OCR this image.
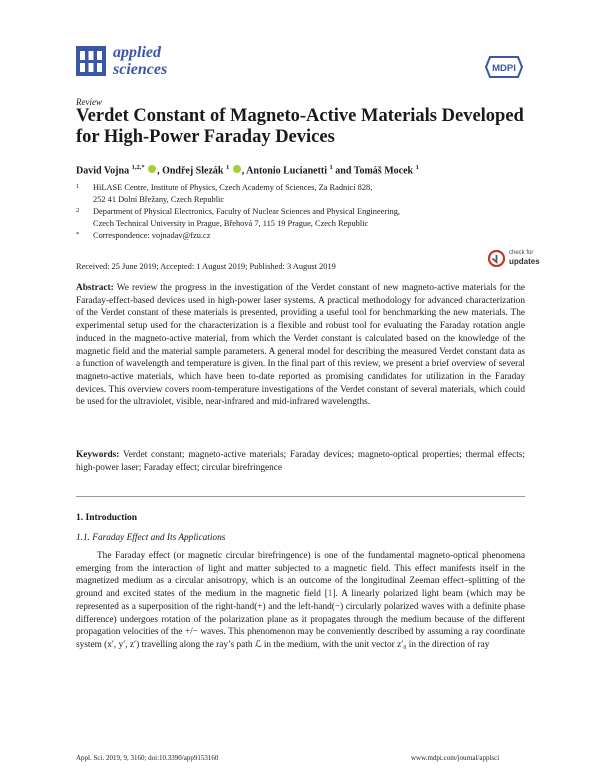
applied
sciences	MDPI
Review
Verdet Constant of Magneto-Active Materials Developed for High-Power Faraday Devices
David Vojna $^{1,2,*}$ , Ondřej Slezák $^1$ , Antonio Lucianetti $^1$ and Tomáš Mocek $^1$
1 HiLASE Centre, Institute of Physics, Czech Academy of Sciences, Za Radnicí 828,
252 41 Dolní Břežany, Czech Republic
2 Department of Physical Electronics, Faculty of Nuclear Sciences and Physical Engineering,
Czech Technical University in Prague, Břehová 7, 115 19 Prague, Czech Republic
* Correspondence: vojnadav@fzu.cz
Received: 25 June 2019; Accepted: 1 August 2019; Published: 3 August 2019
check for
updates
Abstract: We review the progress in the investigation of the Verdet constant of new magneto-active materials for the Faraday-effect-based devices used in high-power laser systems. A practical methodology for advanced characterization of the Verdet constant of these materials is presented, providing a useful tool for benchmarking the new materials. The experimental setup used for the characterization is a flexible and robust tool for evaluating the Faraday rotation angle induced in the magneto-active material, from which the Verdet constant is calculated based on the knowledge of the magnetic field and the material sample parameters. A general model for describing the measured Verdet constant data as a function of wavelength and temperature is given. In the final part of this review, we present a brief overview of several magneto-active materials, which have been to-date reported as promising candidates for utilization in the Faraday devices. This overview covers room-temperature investigations of the Verdet constant of several materials, which could be used for the ultraviolet, visible, near-infrared and mid-infrared wavelengths.
Keywords: Verdet constant; magneto-active materials; Faraday devices; magneto-optical properties; thermal effects; high-power laser; Faraday effect; circular birefringence
1. Introduction
1.1. Faraday Effect and Its Applications
The Faraday effect (or magnetic circular birefringence) is one of the fundamental magneto-optical phenomena emerging from the interaction of light and matter subjected to a magnetic field. This effect manifests itself in the magnetized medium as a circular anisotropy, which is an outcome of the longitudinal Zeeman effect–splitting of the ground and excited states of the medium in the magnetic field [1]. A linearly polarized light beam (which may be represented as a superposition of the right-hand(+) and the left-hand(−) circularly polarized waves with a definite phase difference) undergoes rotation of the polarization plane as it propagates through the medium because of the different propagation velocities of the +/− waves. This phenomenon may be conveniently described by assuming a ray coordinate system (x′, y′, z′) travelling along the ray’s path ℒ in the medium, with the unit vector z′₀ in the direction of ray
Appl. Sci. 2019, 9, 3160; doi:10.3390/app9153160	www.mdpi.com/journal/applsci
